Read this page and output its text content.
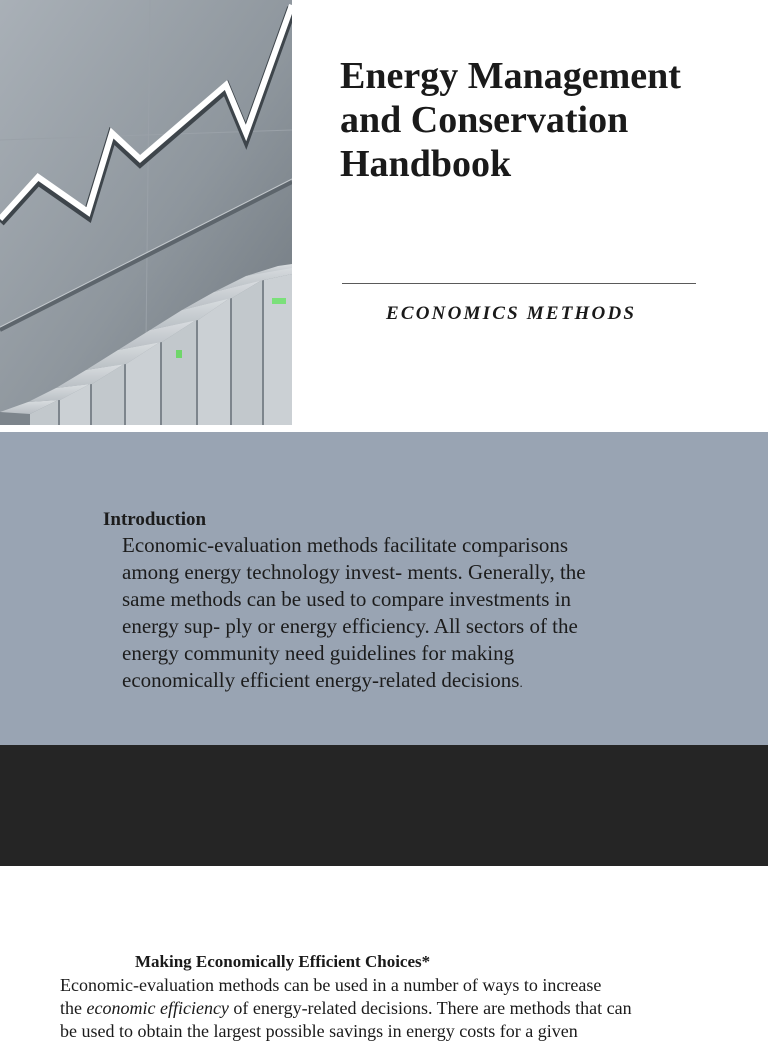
Energy Management
and Conservation
Handbook

ECONOMICS METHODS

Introduction

Economic-evaluation methods facilitate comparisons
among energy technology invest- ments. Generally, the
same methods can be used to compare investments in
energy sup- ply or energy efficiency. All sectors of the
energy community need guidelines for making
economically efficient energy-related decisions.

Making Economically Efficient Choices*

Economic-evaluation methods can be used in a number of ways to increase
the economic efficiency of energy-related decisions. There are methods that can
be used to obtain the largest possible savings in energy costs for a given
